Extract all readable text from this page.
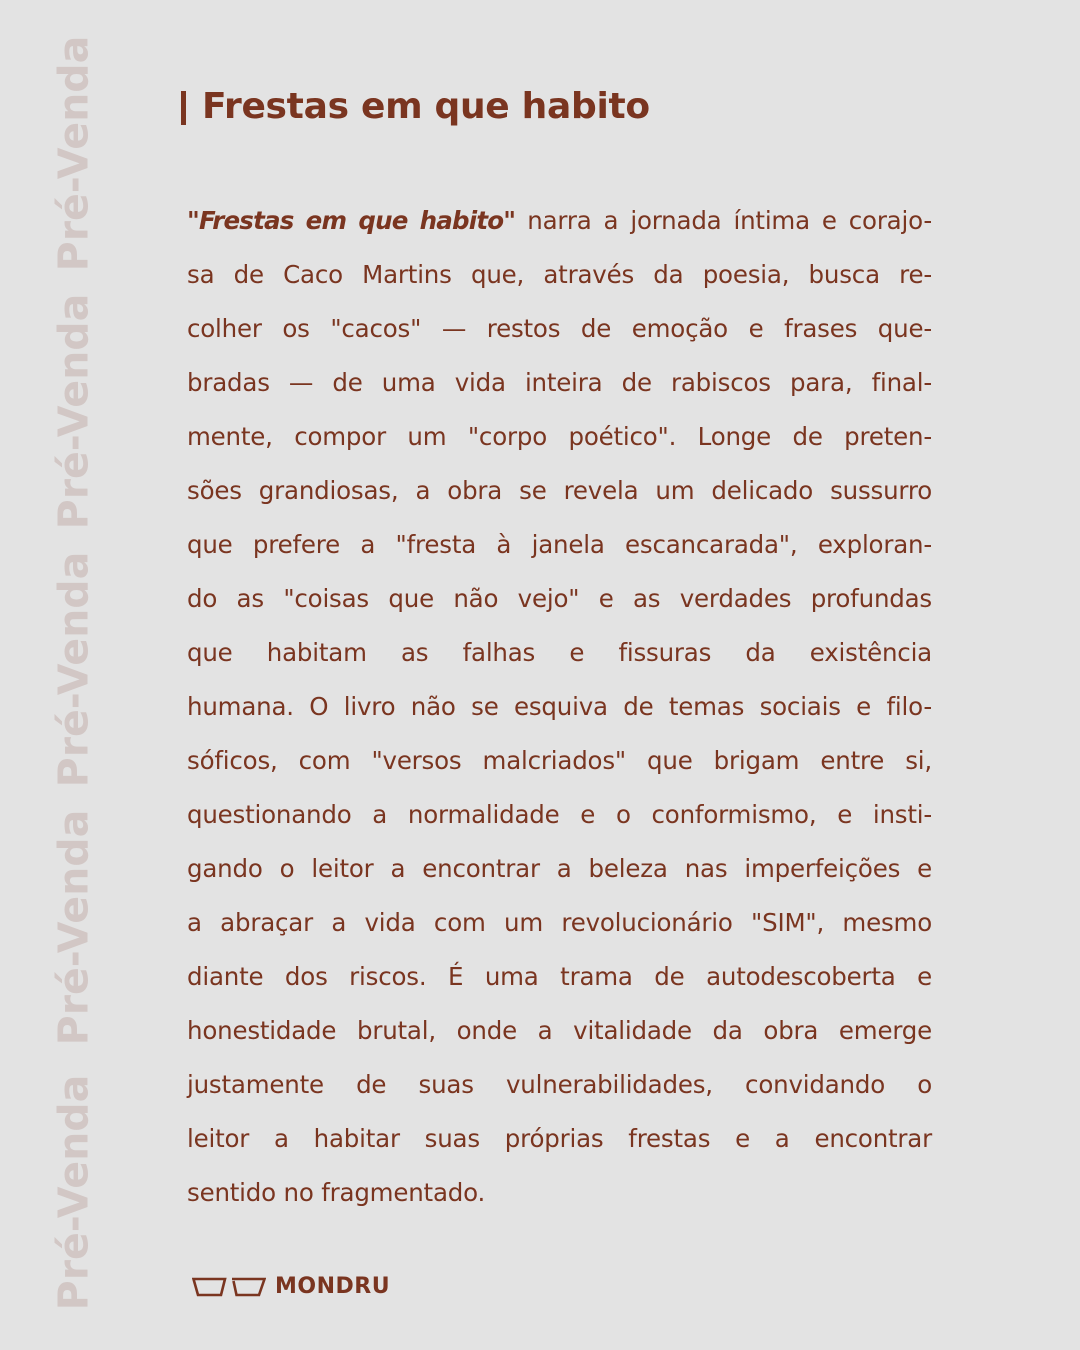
Pré-Venda
Pré-Venda
Pré-Venda
Pré-Venda
Pré-Venda
Frestas em que habito
"Frestas em que habito" narra a jornada íntima e corajo-
sa de Caco Martins que, através da poesia, busca re-
colher os "cacos" — restos de emoção e frases que-
bradas — de uma vida inteira de rabiscos para, final-
mente, compor um "corpo poético". Longe de preten-
sões grandiosas, a obra se revela um delicado sussurro
que prefere a "fresta à janela escancarada", exploran-
do as "coisas que não vejo" e as verdades profundas
que habitam as falhas e fissuras da existência
humana. O livro não se esquiva de temas sociais e filo-
sóficos, com "versos malcriados" que brigam entre si,
questionando a normalidade e o conformismo, e insti-
gando o leitor a encontrar a beleza nas imperfeições e
a abraçar a vida com um revolucionário "SIM", mesmo
diante dos riscos. É uma trama de autodescoberta e
honestidade brutal, onde a vitalidade da obra emerge
justamente de suas vulnerabilidades, convidando o
leitor a habitar suas próprias frestas e a encontrar
sentido no fragmentado.
MONDRU
